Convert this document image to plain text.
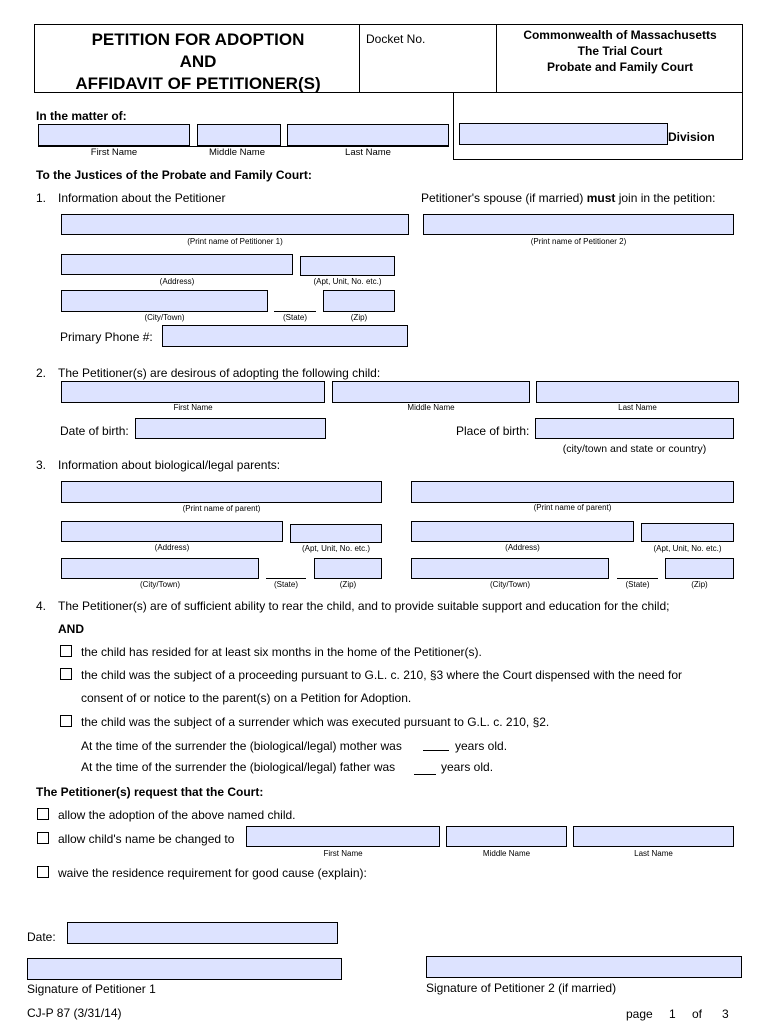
PETITION FOR ADOPTION
AND
AFFIDAVIT OF PETITIONER(S)
Docket No.	Commonwealth of Massachusetts
The Trial Court
Probate and Family Court
In the matter of:
First Name	Middle Name	Last Name
Division
To the Justices of the Probate and Family Court:
1. Information about the Petitioner	Petitioner's spouse (if married) must join in the petition:
(Print name of Petitioner 1)	(Print name of Petitioner 2)
(Address)	(Apt, Unit, No. etc.)
(City/Town)	(State)	(Zip)
Primary Phone #:
2. The Petitioner(s) are desirous of adopting the following child:
First Name	Middle Name	Last Name
Date of birth:	Place of birth:
(city/town and state or country)
3. Information about biological/legal parents:
(Print name of parent)	(Print name of parent)
(Address)	(Apt, Unit, No. etc.)	(Address)	(Apt, Unit, No. etc.)
(City/Town)	(State)	(Zip)	(City/Town)	(State)	(Zip)
4. The Petitioner(s) are of sufficient ability to rear the child, and to provide suitable support and education for the child;
AND
the child has resided for at least six months in the home of the Petitioner(s).
the child was the subject of a proceeding pursuant to G.L. c. 210, §3 where the Court dispensed with the need for
consent of or notice to the parent(s) on a Petition for Adoption.
the child was the subject of a surrender which was executed pursuant to G.L. c. 210, §2.
At the time of the surrender the (biological/legal) mother was	years old.
At the time of the surrender the (biological/legal) father was	years old.
The Petitioner(s) request that the Court:
allow the adoption of the above named child.
allow child's name be changed to
First Name	Middle Name	Last Name
waive the residence requirement for good cause (explain):
Date:
Signature of Petitioner 1	Signature of Petitioner 2 (if married)
CJ-P 87 (3/31/14)	page 1 of 3
